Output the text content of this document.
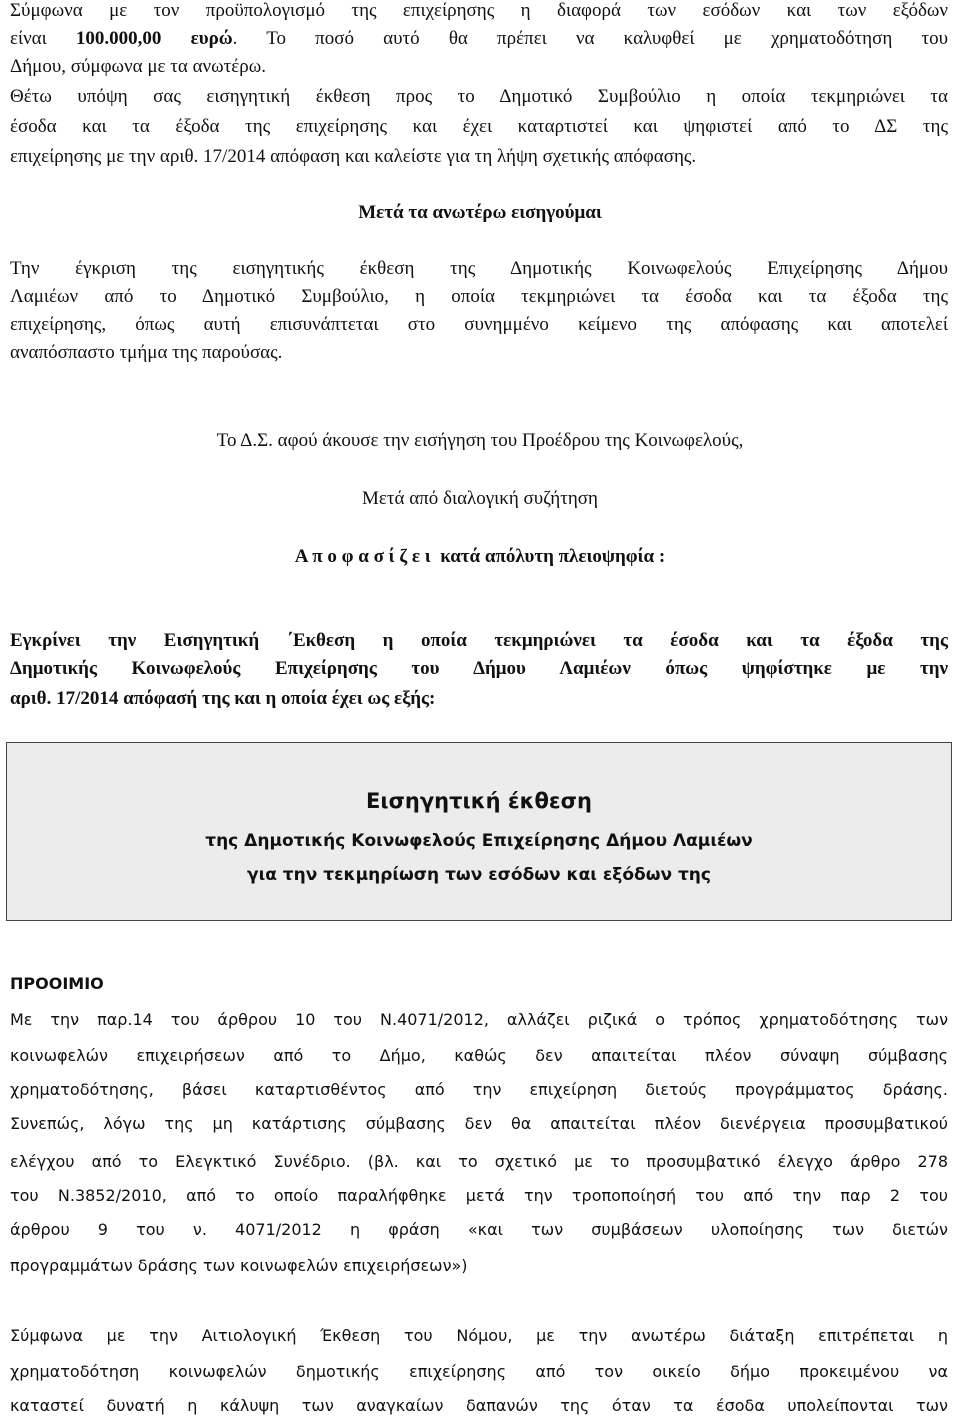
Σύμφωνα με τον προϋπολογισμό της επιχείρησης η διαφορά των εσόδων και των εξόδων
είναι 100.000,00 ευρώ. Το ποσό αυτό θα πρέπει να καλυφθεί με χρηματοδότηση του
Δήμου, σύμφωνα με τα ανωτέρω.
Θέτω υπόψη σας εισηγητική έκθεση προς το Δημοτικό Συμβούλιο η οποία τεκμηριώνει τα
έσοδα και τα έξοδα της επιχείρησης και έχει καταρτιστεί και ψηφιστεί από το ΔΣ της
επιχείρησης με την αριθ. 17/2014 απόφαση και καλείστε για τη λήψη σχετικής απόφασης.
Μετά τα ανωτέρω εισηγούμαι
Την έγκριση της εισηγητικής έκθεση της Δημοτικής Κοινωφελούς Επιχείρησης Δήμου
Λαμιέων από το Δημοτικό Συμβούλιο, η οποία τεκμηριώνει τα έσοδα και τα έξοδα της
επιχείρησης, όπως αυτή επισυνάπτεται στο συνημμένο κείμενο της απόφασης και αποτελεί
αναπόσπαστο τμήμα της παρούσας.
Το Δ.Σ. αφού άκουσε την εισήγηση του Προέδρου της Κοινωφελούς,
Μετά από διαλογική συζήτηση
Α π ο φ α σ ί ζ ε ι κατά απόλυτη πλειοψηφία :
Εγκρίνει την Εισηγητική ΄Εκθεση η οποία τεκμηριώνει τα έσοδα και τα έξοδα της
Δημοτικής Κοινωφελούς Επιχείρησης του Δήμου Λαμιέων όπως ψηφίστηκε με την
αριθ. 17/2014 απόφασή της και η οποία έχει ως εξής:
Εισηγητική έκθεση
της Δημοτικής Κοινωφελούς Επιχείρησης Δήμου Λαμιέων
για την τεκμηρίωση των εσόδων και εξόδων της
ΠΡΟΟΙΜΙΟ
Με την παρ.14 του άρθρου 10 του Ν.4071/2012, αλλάζει ριζικά ο τρόπος χρηματοδότησης των
κοινωφελών επιχειρήσεων από το Δήμο, καθώς δεν απαιτείται πλέον σύναψη σύμβασης
χρηματοδότησης, βάσει καταρτισθέντος από την επιχείρηση διετούς προγράμματος δράσης.
Συνεπώς, λόγω της μη κατάρτισης σύμβασης δεν θα απαιτείται πλέον διενέργεια προσυμβατικού
ελέγχου από το Ελεγκτικό Συνέδριο. (βλ. και το σχετικό με το προσυμβατικό έλεγχο άρθρο 278
του Ν.3852/2010, από το οποίο παραλήφθηκε μετά την τροποποίησή του από την παρ 2 του
άρθρου 9 του ν. 4071/2012 η φράση «και των συμβάσεων υλοποίησης των διετών
προγραμμάτων δράσης των κοινωφελών επιχειρήσεων»)
Σύμφωνα με την Αιτιολογική Έκθεση του Νόμου, με την ανωτέρω διάταξη επιτρέπεται η
χρηματοδότηση κοινωφελών δημοτικής επιχείρησης από τον οικείο δήμο προκειμένου να
καταστεί δυνατή η κάλυψη των αναγκαίων δαπανών της όταν τα έσοδα υπολείπονται των
